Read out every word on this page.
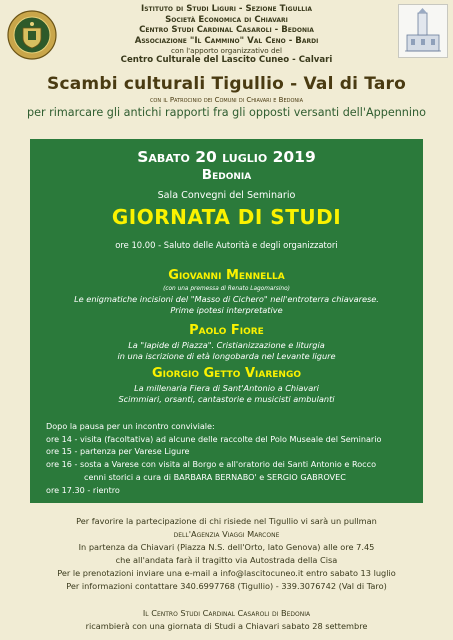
Istituto di Studi Liguri - Sezione Tigullia
Società Economica di Chiavari
Centro Studi Cardinal Casaroli - Bedonia
Associazione "Il Cammino" Val Ceno - Bardi
con l'apporto organizzativo del
Centro Culturale del Lascito Cuneo - Calvari
Scambi culturali Tigullio - Val di Taro
con il Patrocinio dei Comuni di Chiavari e Bedonia
per rimarcare gli antichi rapporti fra gli opposti versanti dell'Appennino
Sabato 20 luglio 2019
Bedonia
Sala Convegni del Seminario
GIORNATA DI STUDI
ore 10.00 - Saluto delle Autorità e degli organizzatori
Giovanni Mennella
(con una premessa di Renato Lagomarsino)
Le enigmatiche incisioni del "Masso di Cichero" nell'entroterra chiavarese.
Prime ipotesi interpretative
Paolo Fiore
La "lapide di Piazza". Cristianizzazione e liturgia
in una iscrizione di età longobarda nel Levante ligure
Giorgio Getto Viarengo
La millenaria Fiera di Sant'Antonio a Chiavari
Scimmiari, orsanti, cantastorie e musicisti ambulanti
Dopo la pausa per un incontro conviviale:
ore 14 - visita (facoltativa) ad alcune delle raccolte del Polo Museale del Seminario
ore 15 - partenza per Varese Ligure
ore 16 - sosta a Varese con visita al Borgo e all'oratorio dei Santi Antonio e Rocco
cenni storici a cura di BARBARA BERNABO' e SERGIO GABROVEC
ore 17.30 - rientro
Per favorire la partecipazione di chi risiede nel Tigullio vi sarà un pullman
dell'Agenzia Viaggi Marcone
In partenza da Chiavari (Piazza N.S. dell'Orto, lato Genova) alle ore 7.45
che all'andata farà il tragitto via Autostrada della Cisa
Per le prenotazioni inviare una e-mail a info@lascitocuneo.it entro sabato 13 luglio
Per informazioni contattare 340.6997768 (Tigullio) - 339.3076742 (Val di Taro)
Il Centro Studi Cardinal Casaroli di Bedonia
ricambierà con una giornata di Studi a Chiavari sabato 28 settembre
